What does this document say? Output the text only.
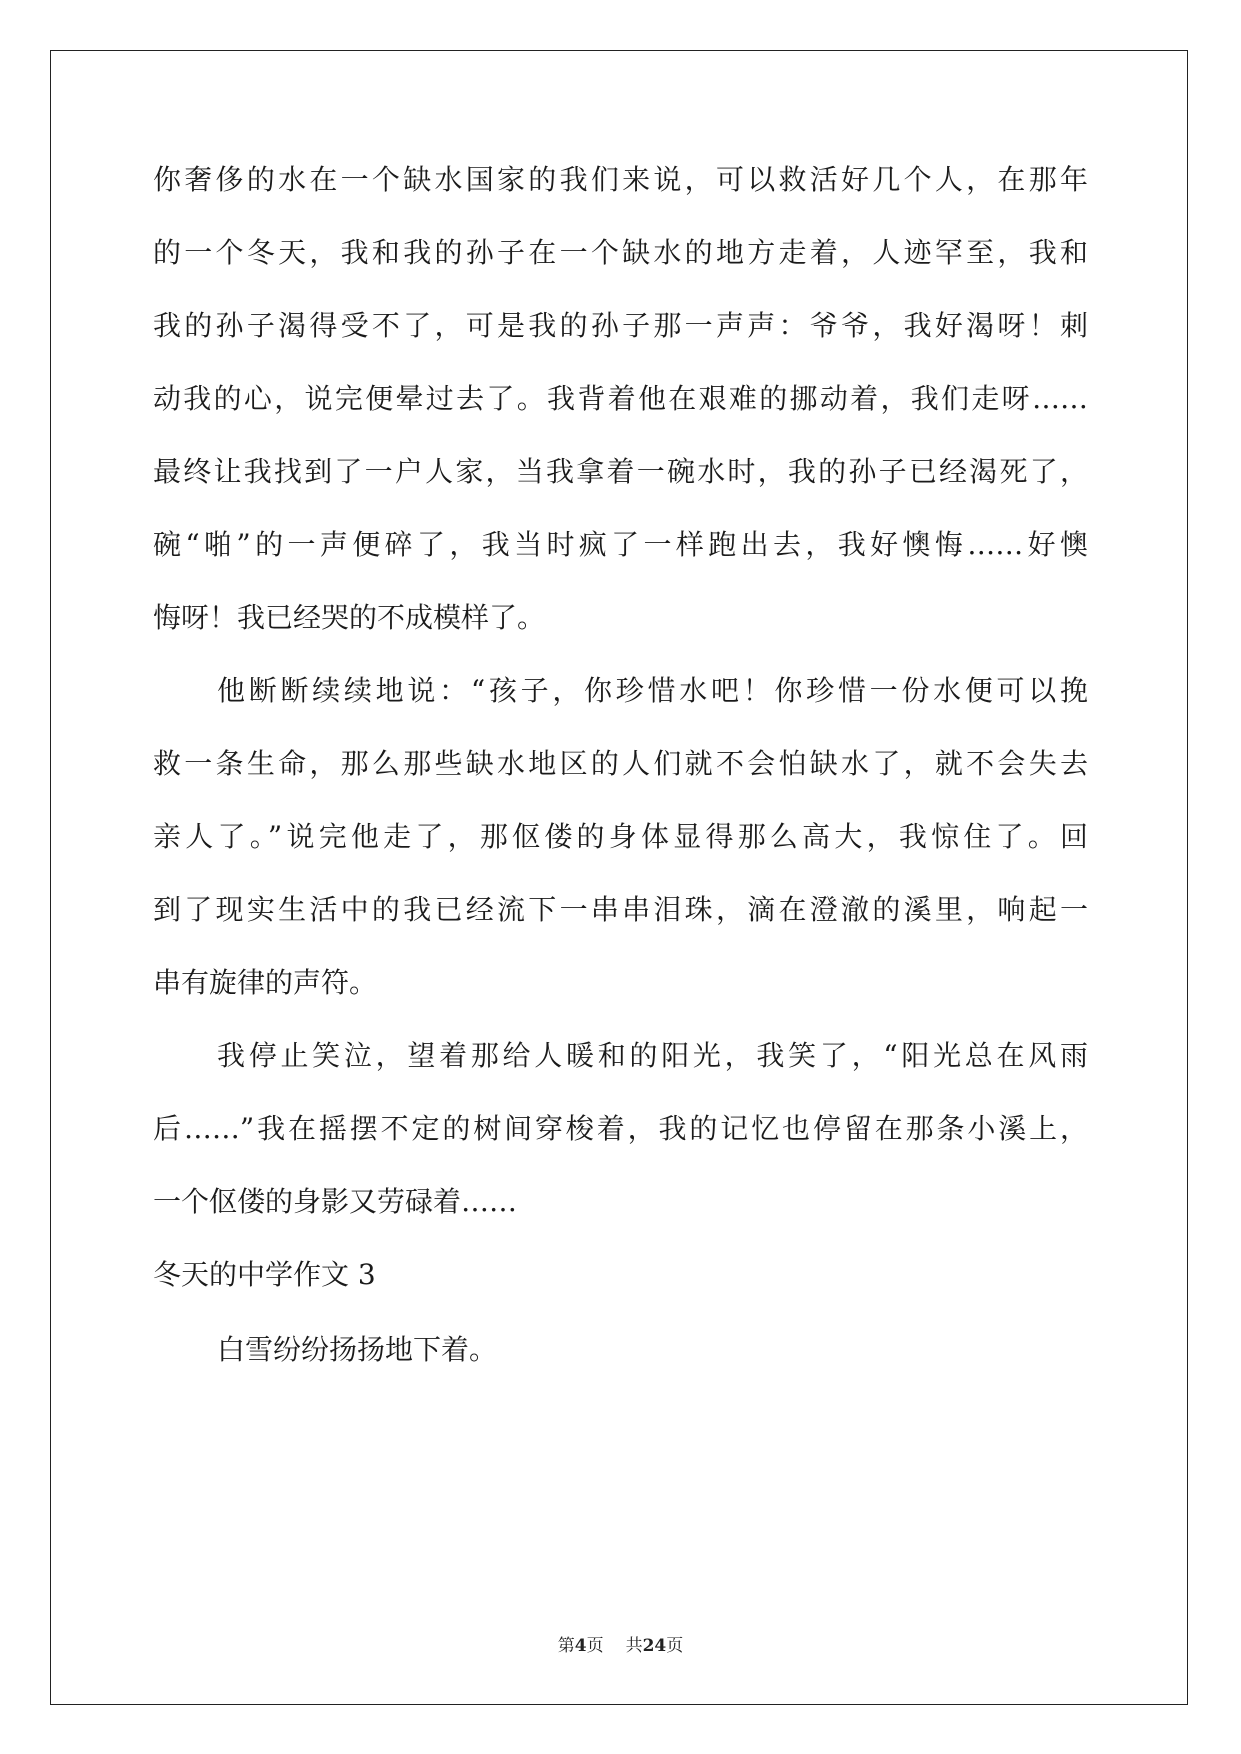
你奢侈的水在一个缺水国家的我们来说，可以救活好几个人，在那年
的一个冬天，我和我的孙子在一个缺水的地方走着，人迹罕至，我和
我的孙子渴得受不了，可是我的孙子那一声声：爷爷，我好渴呀！刺
动我的心，说完便晕过去了。我背着他在艰难的挪动着，我们走呀……
最终让我找到了一户人家，当我拿着一碗水时，我的孙子已经渴死了，
碗“啪”的一声便碎了，我当时疯了一样跑出去，我好懊悔……好懊
悔呀！我已经哭的不成模样了。
他断断续续地说：“孩子，你珍惜水吧！你珍惜一份水便可以挽
救一条生命，那么那些缺水地区的人们就不会怕缺水了，就不会失去
亲人了。”说完他走了，那伛偻的身体显得那么高大，我惊住了。回
到了现实生活中的我已经流下一串串泪珠，滴在澄澈的溪里，响起一
串有旋律的声符。
我停止笑泣，望着那给人暖和的阳光，我笑了，“阳光总在风雨
后……”我在摇摆不定的树间穿梭着，我的记忆也停留在那条小溪上，
一个伛偻的身影又劳碌着……
冬天的中学作文 3
白雪纷纷扬扬地下着。
第4页 共24页
